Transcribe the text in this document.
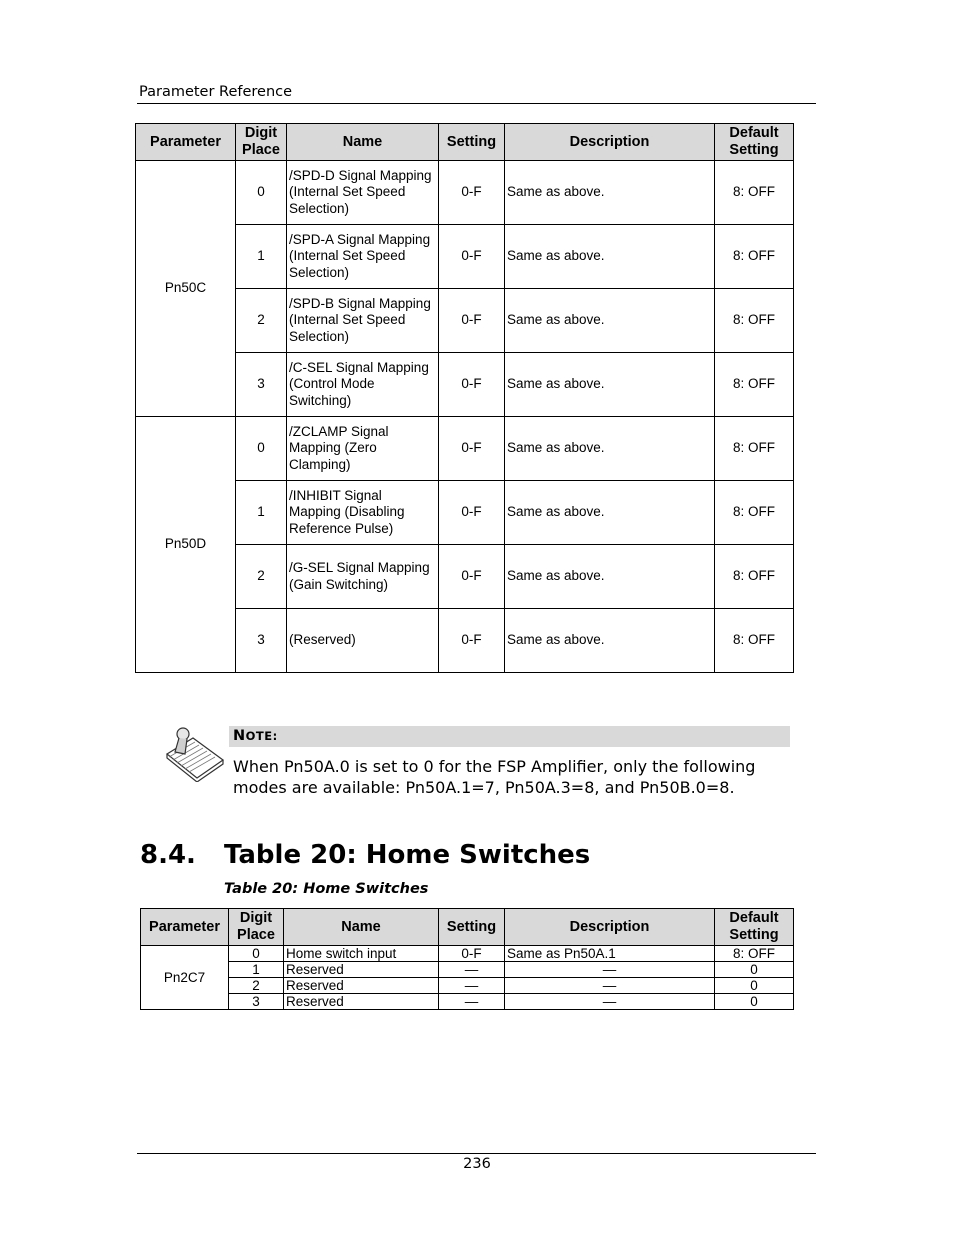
Parameter Reference
Parameter	Digit Place	Name	Setting	Description	Default Setting
Pn50C	0	/SPD-D Signal Mapping (Internal Set Speed Selection)	0-F	Same as above.	8: OFF
	1	/SPD-A Signal Mapping (Internal Set Speed Selection)	0-F	Same as above.	8: OFF
	2	/SPD-B Signal Mapping (Internal Set Speed Selection)	0-F	Same as above.	8: OFF
	3	/C-SEL Signal Mapping (Control Mode Switching)	0-F	Same as above.	8: OFF
Pn50D	0	/ZCLAMP Signal Mapping (Zero Clamping)	0-F	Same as above.	8: OFF
	1	/INHIBIT Signal Mapping (Disabling Reference Pulse)	0-F	Same as above.	8: OFF
	2	/G-SEL Signal Mapping (Gain Switching)	0-F	Same as above.	8: OFF
	3	(Reserved)	0-F	Same as above.	8: OFF
NOTE:
When Pn50A.0 is set to 0 for the FSP Amplifier, only the following modes are available: Pn50A.1=7, Pn50A.3=8, and Pn50B.0=8.
8.4. Table 20: Home Switches
Table 20: Home Switches
Parameter	Digit Place	Name	Setting	Description	Default Setting
Pn2C7	0	Home switch input	0-F	Same as Pn50A.1	8: OFF
	1	Reserved	—	—	0
	2	Reserved	—	—	0
	3	Reserved	—	—	0
236
